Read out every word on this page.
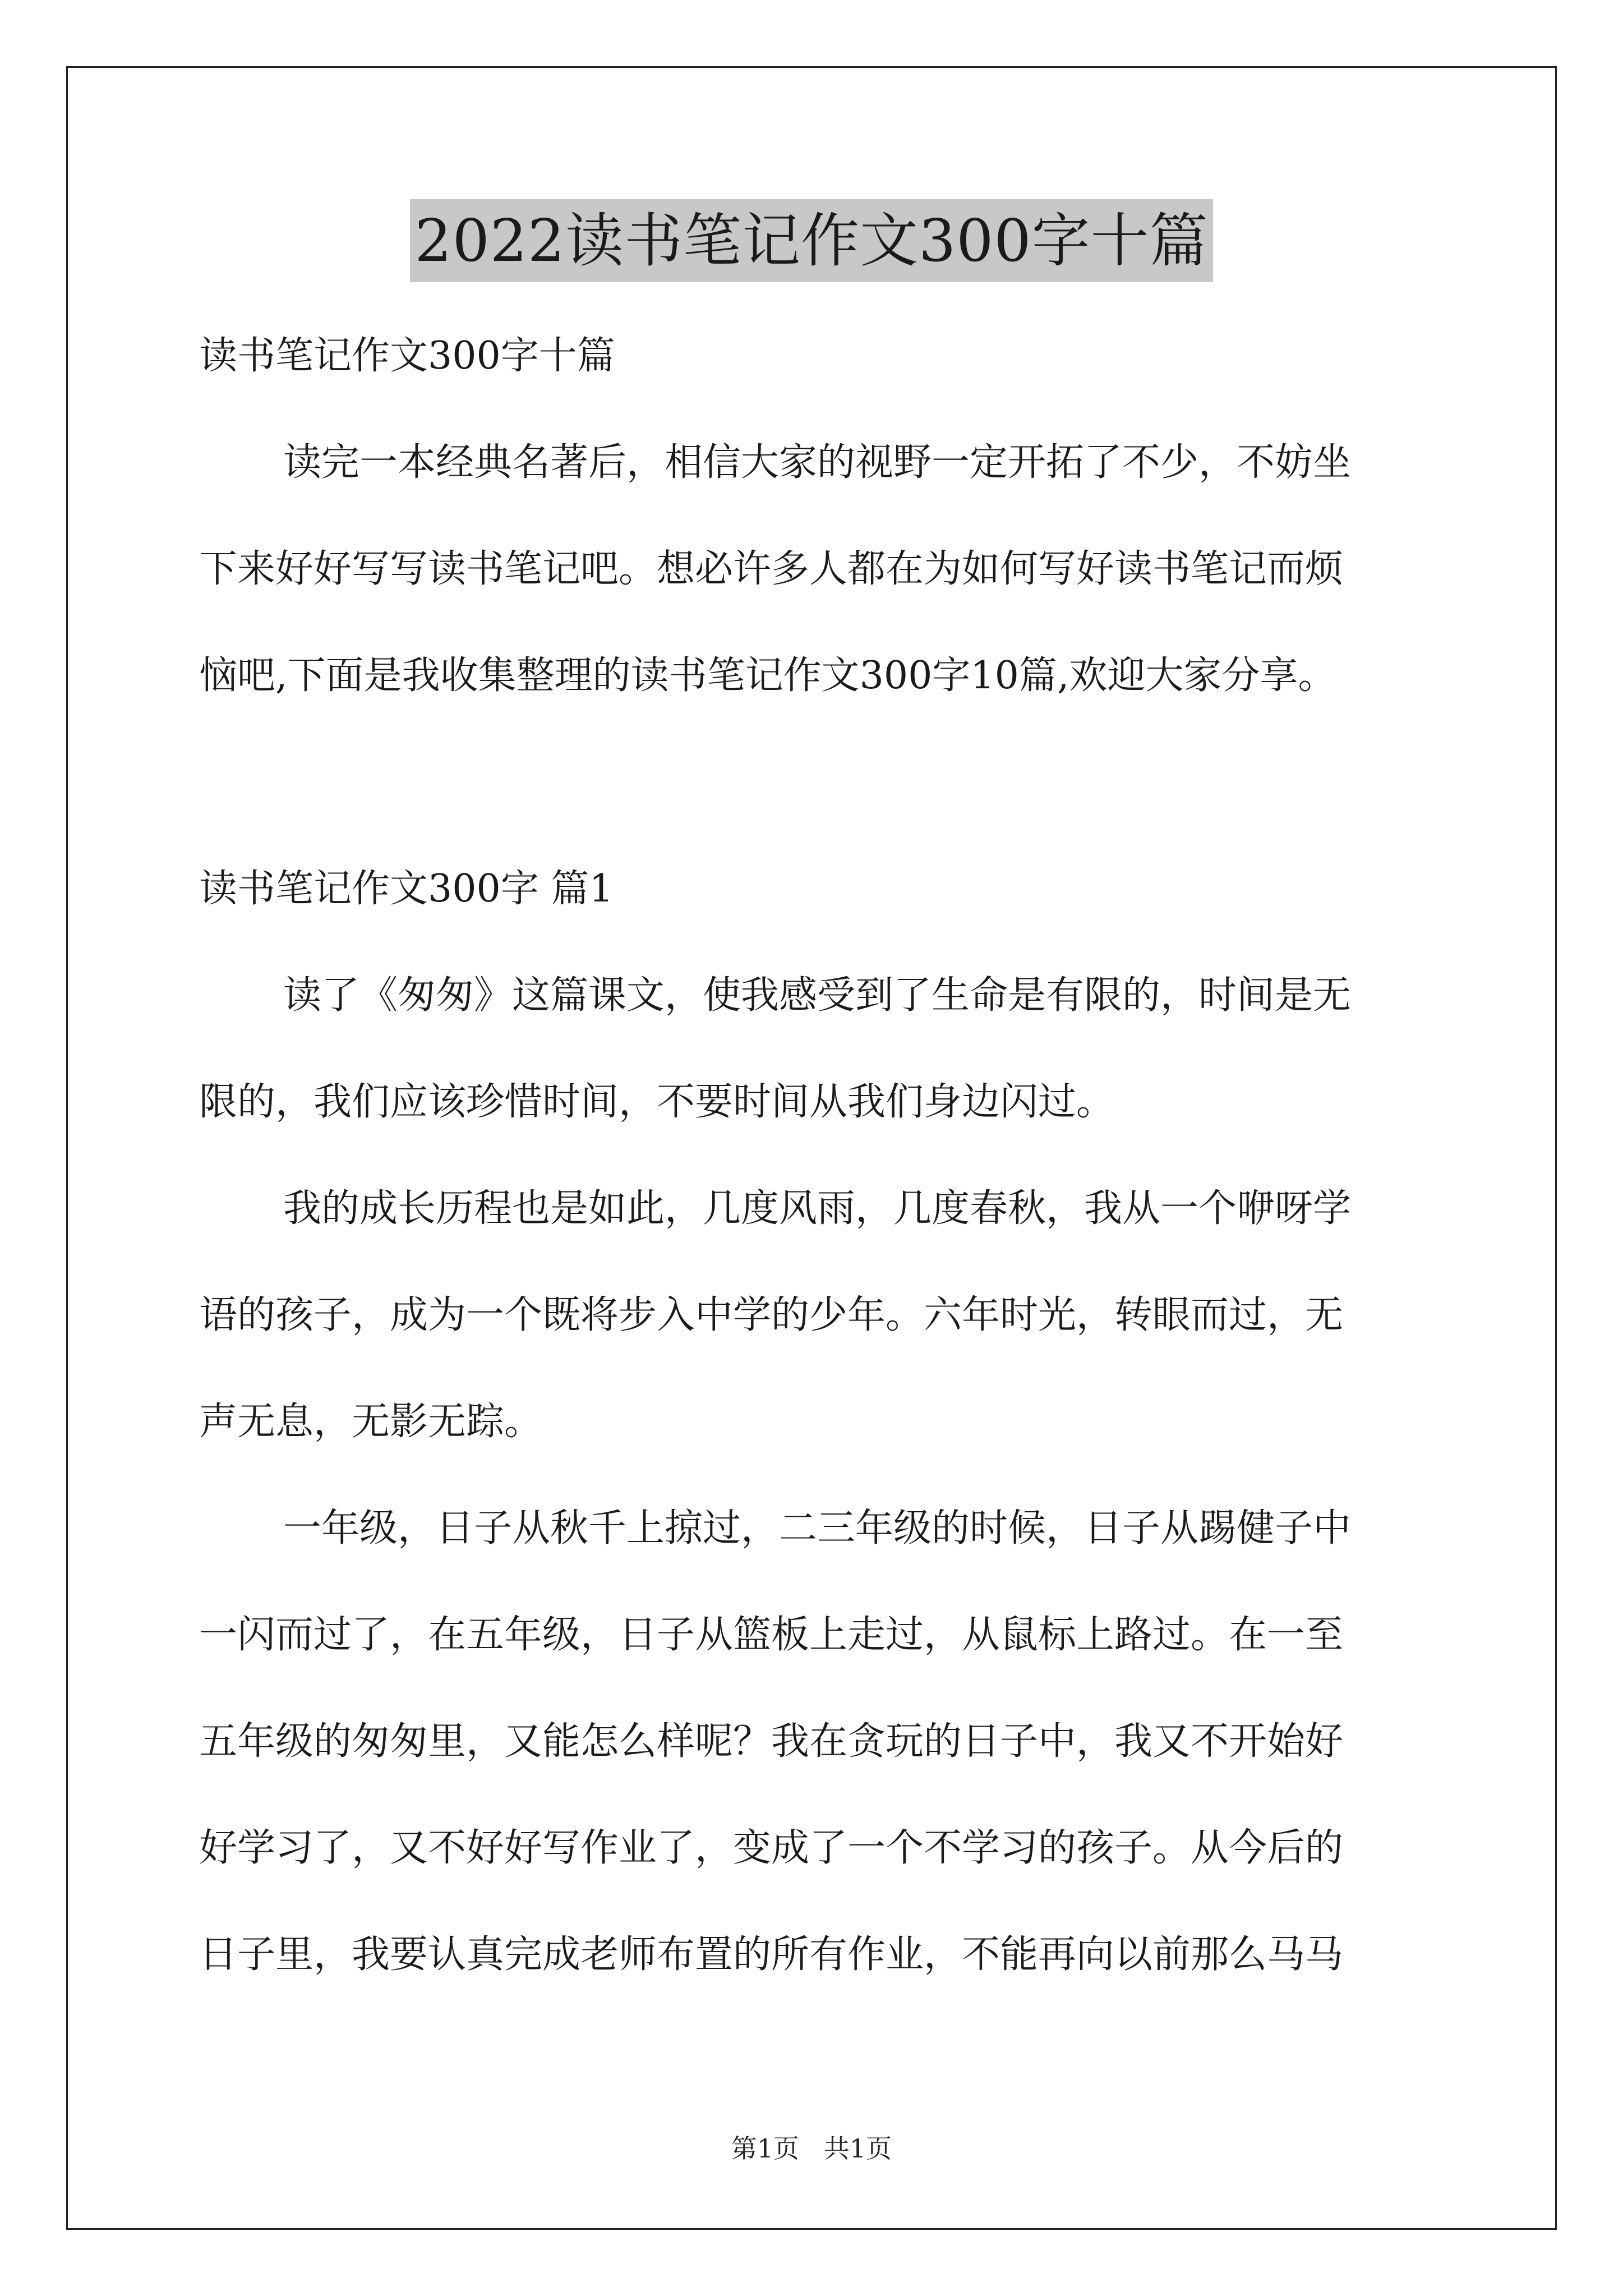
2022读书笔记作文300字十篇
读书笔记作文300字十篇
读完一本经典名著后，相信大家的视野一定开拓了不少，不妨坐
下来好好写写读书笔记吧。想必许多人都在为如何写好读书笔记而烦
恼吧,下面是我收集整理的读书笔记作文300字10篇,欢迎大家分享。
读书笔记作文300字 篇1
读了《匆匆》这篇课文，使我感受到了生命是有限的，时间是无
限的，我们应该珍惜时间，不要时间从我们身边闪过。
我的成长历程也是如此，几度风雨，几度春秋，我从一个咿呀学
语的孩子，成为一个既将步入中学的少年。六年时光，转眼而过，无
声无息，无影无踪。
一年级，日子从秋千上掠过，二三年级的时候，日子从踢健子中
一闪而过了，在五年级，日子从篮板上走过，从鼠标上路过。在一至
五年级的匆匆里，又能怎么样呢？我在贪玩的日子中，我又不开始好
好学习了，又不好好写作业了，变成了一个不学习的孩子。从今后的
日子里，我要认真完成老师布置的所有作业，不能再向以前那么马马
第1页   共1页
